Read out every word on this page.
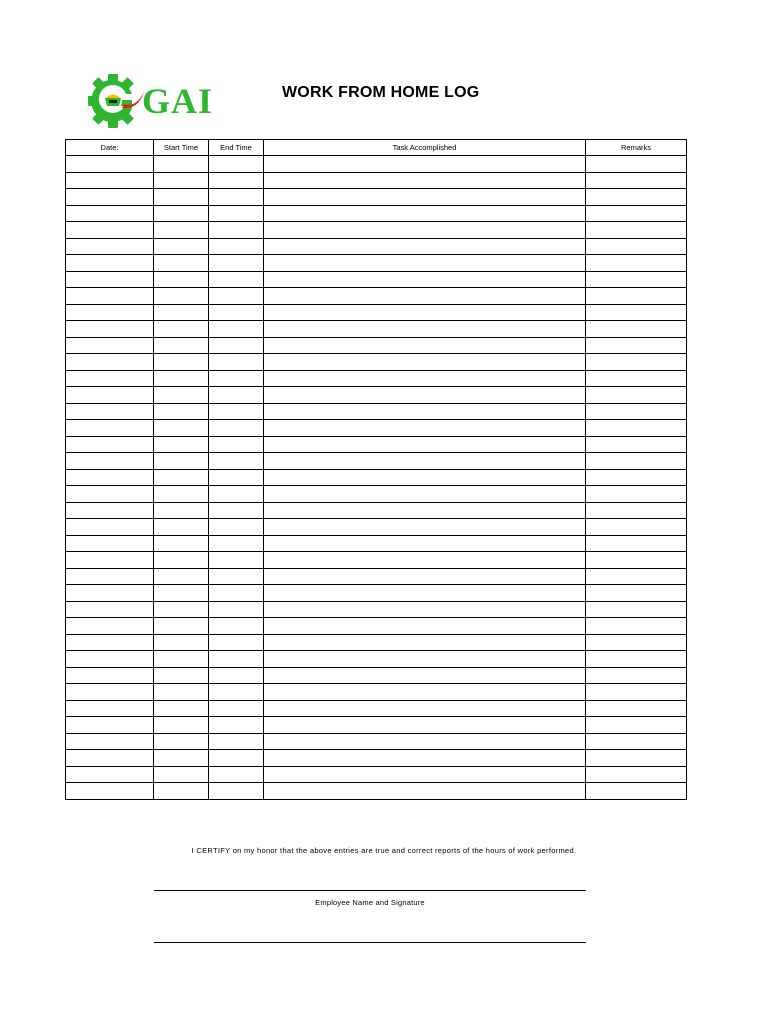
GAI	WORK FROM HOME LOG
Date:	Start Time	End Time	Task Accomplished	Remarks

I CERTIFY on my honor that the above entries are true and correct reports of the hours of work performed.
Employee Name and Signature
